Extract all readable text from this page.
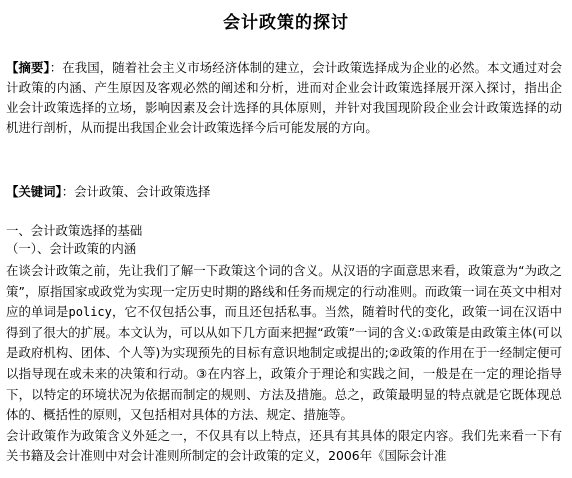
会计政策的探讨

【摘要】：在我国，随着社会主义市场经济体制的建立，会计政策选择成为企业的必然。本文通过对会计政策的内涵、产生原因及客观必然的阐述和分析，进而对企业会计政策选择展开深入探讨，指出企业会计政策选择的立场，影响因素及会计选择的具体原则，并针对我国现阶段企业会计政策选择的动机进行剖析，从而提出我国企业会计政策选择今后可能发展的方向。

【关键词】：会计政策、会计政策选择

一、会计政策选择的基础
（一）、会计政策的内涵

在谈会计政策之前，先让我们了解一下政策这个词的含义。从汉语的字面意思来看，政策意为“为政之策”，原指国家或政党为实现一定历史时期的路线和任务而规定的行动准则。而政策一词在英文中相对应的单词是policy，它不仅包括公事，而且还包括私事。当然，随着时代的变化，政策一词在汉语中得到了很大的扩展。本文认为，可以从如下几方面来把握“政策”一词的含义:①政策是由政策主体(可以是政府机构、团体、个人等)为实现预先的目标有意识地制定或提出的;②政策的作用在于一经制定便可以指导现在或未来的决策和行动。③在内容上，政策介于理论和实践之间，一般是在一定的理论指导下，以特定的环境状况为依据而制定的规则、方法及措施。总之，政策最明显的特点就是它既体现总体的、概括性的原则，又包括相对具体的方法、规定、措施等。

会计政策作为政策含义外延之一，不仅具有以上特点，还具有其具体的限定内容。我们先来看一下有关书籍及会计准则中对会计准则所制定的会计政策的定义，2006年《国际会计准
